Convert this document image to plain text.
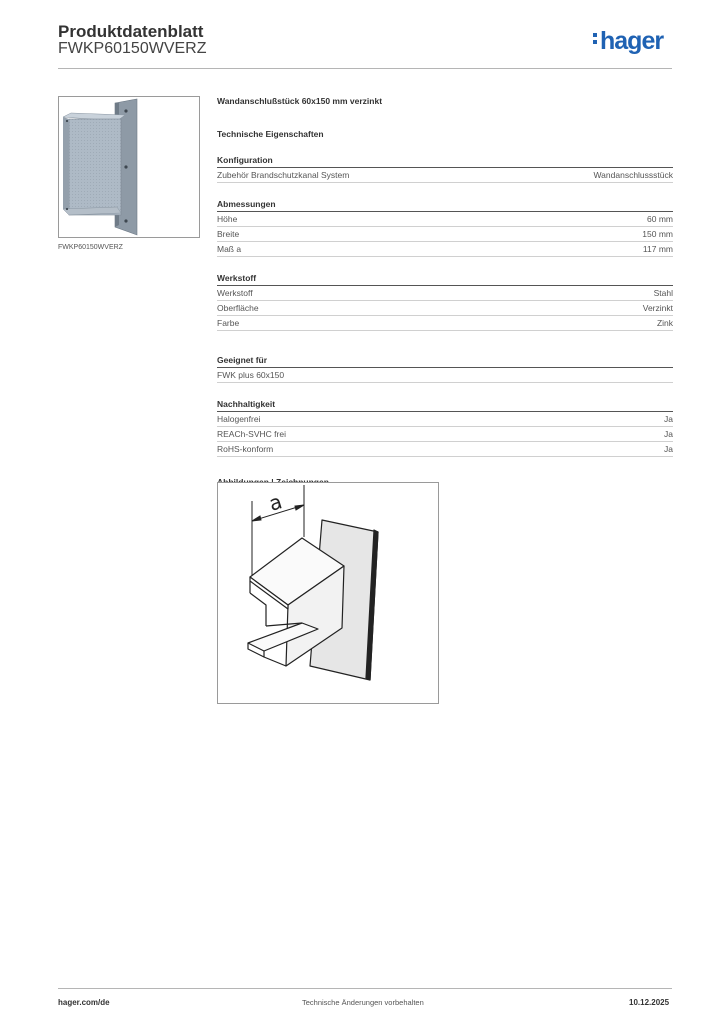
Produktdatenblatt
FWKP60150WVERZ	hager
FWKP60150WVERZ
Wandanschlußstück 60x150 mm verzinkt
Technische Eigenschaften
Konfiguration
Zubehör Brandschutzkanal System	Wandanschlussstück
Abmessungen
Höhe	60 mm
Breite	150 mm
Maß a	117 mm
Werkstoff
Werkstoff	Stahl
Oberfläche	Verzinkt
Farbe	Zink
Geeignet für
FWK plus 60x150
Nachhaltigkeit
Halogenfrei	Ja
REACh-SVHC frei	Ja
RoHS-konform	Ja
a
hager.com/de	Technische Änderungen vorbehalten	10.12.2025
